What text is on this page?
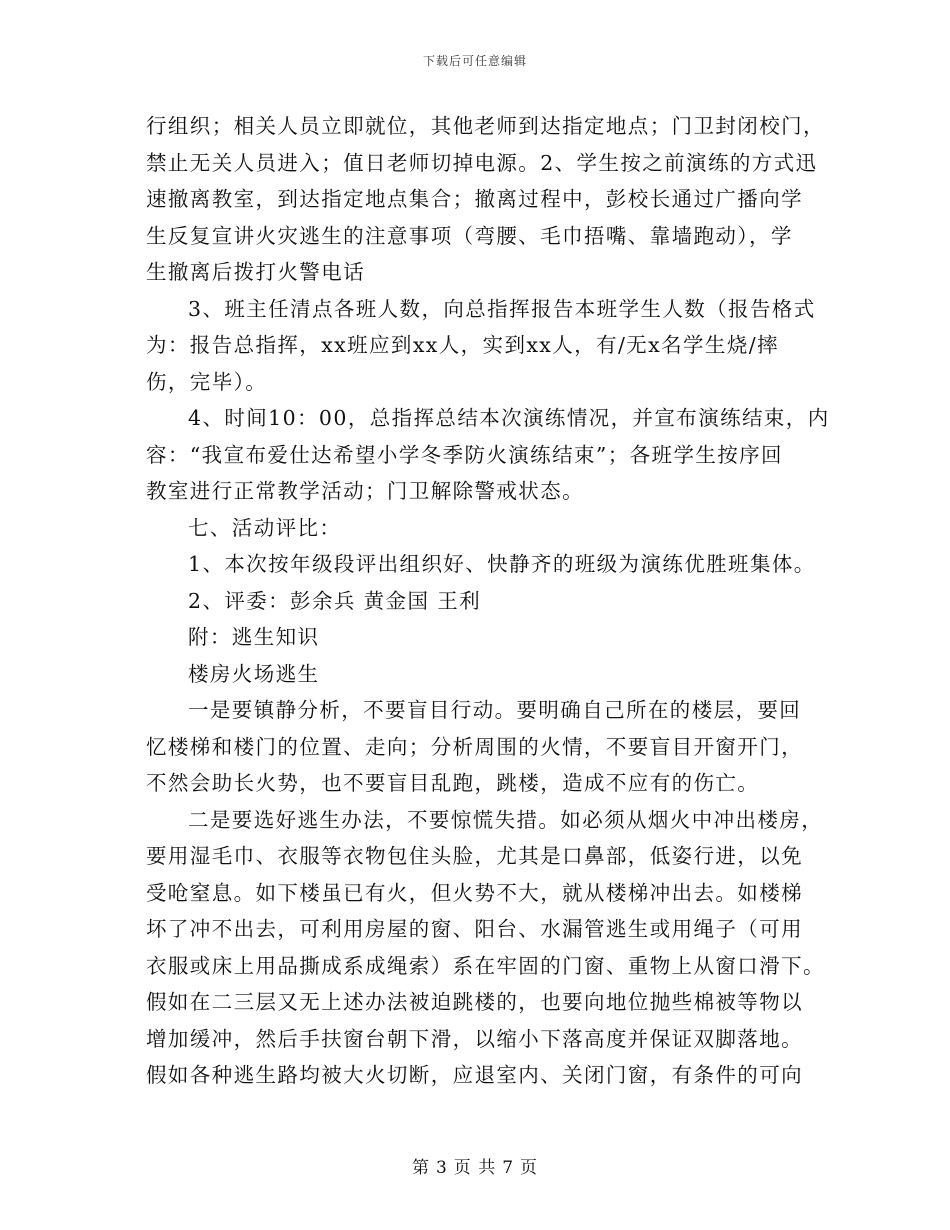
下载后可任意编辑
行组织；相关人员立即就位，其他老师到达指定地点；门卫封闭校门，
禁止无关人员进入；值日老师切掉电源。2、学生按之前演练的方式迅
速撤离教室，到达指定地点集合；撤离过程中，彭校长通过广播向学
生反复宣讲火灾逃生的注意事项（弯腰、毛巾捂嘴、靠墙跑动），学
生撤离后拨打火警电话
3、班主任清点各班人数，向总指挥报告本班学生人数（报告格式
为：报告总指挥，xx班应到xx人，实到xx人，有/无x名学生烧/摔
伤，完毕）。
4、时间10：00，总指挥总结本次演练情况，并宣布演练结束，内
容：“我宣布爱仕达希望小学冬季防火演练结束”；各班学生按序回
教室进行正常教学活动；门卫解除警戒状态。
七、活动评比：
1、本次按年级段评出组织好、快静齐的班级为演练优胜班集体。
2、评委：彭余兵 黄金国 王利
附：逃生知识
楼房火场逃生
一是要镇静分析，不要盲目行动。要明确自己所在的楼层，要回
忆楼梯和楼门的位置、走向；分析周围的火情，不要盲目开窗开门，
不然会助长火势，也不要盲目乱跑，跳楼，造成不应有的伤亡。
二是要选好逃生办法，不要惊慌失措。如必须从烟火中冲出楼房，
要用湿毛巾、衣服等衣物包住头脸，尤其是口鼻部，低姿行进，以免
受呛窒息。如下楼虽已有火，但火势不大，就从楼梯冲出去。如楼梯
坏了冲不出去，可利用房屋的窗、阳台、水漏管逃生或用绳子（可用
衣服或床上用品撕成系成绳索）系在牢固的门窗、重物上从窗口滑下。
假如在二三层又无上述办法被迫跳楼的，也要向地位抛些棉被等物以
增加缓冲，然后手扶窗台朝下滑，以缩小下落高度并保证双脚落地。
假如各种逃生路均被大火切断，应退室内、关闭门窗，有条件的可向
第 3 页 共 7 页
